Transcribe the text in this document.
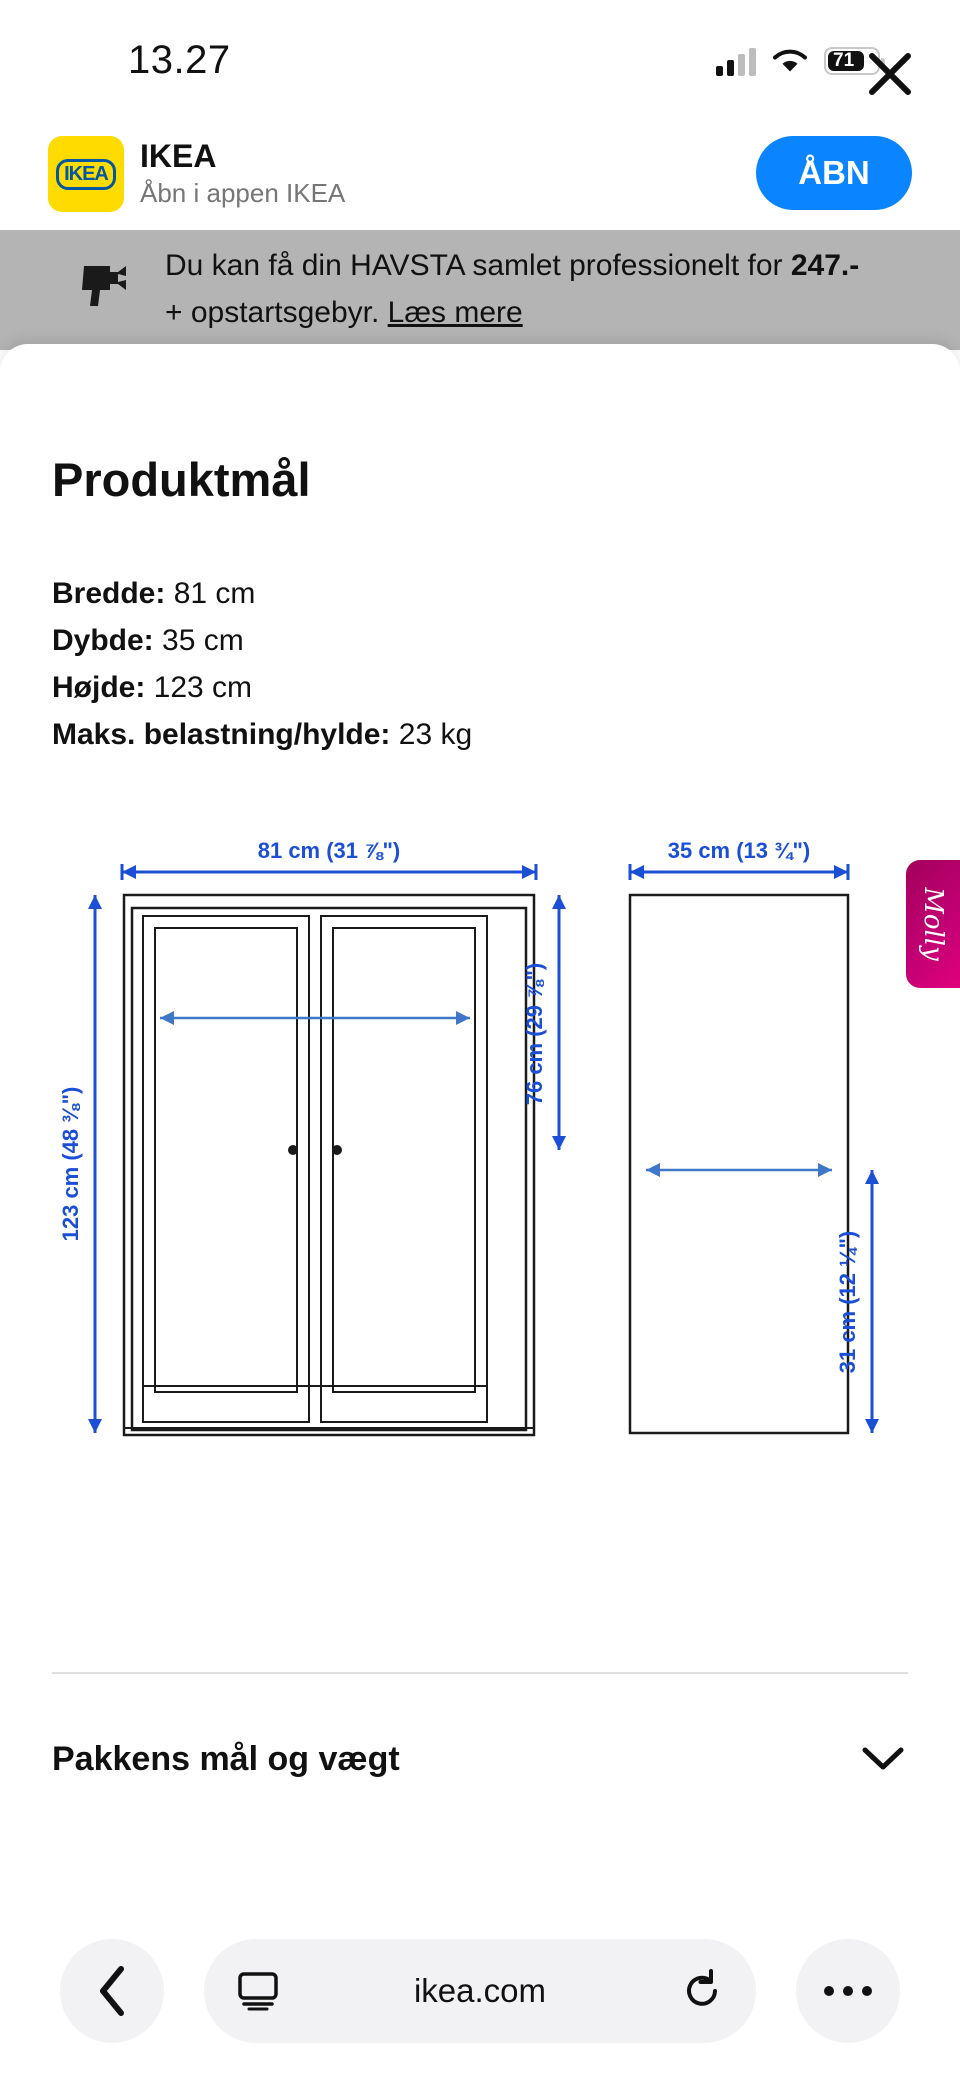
13.27	71
IKEA IKEA
Åbn i appen IKEA
ÅBN
Du kan få din HAVSTA samlet professionelt for 247.- + opstartsgebyr. Læs mere
Produktmål
Bredde: 81 cm
Dybde: 35 cm
Højde: 123 cm
Maks. belastning/hylde: 23 kg
81 cm (31 ⅞")
123 cm (48 ⅜")
76 cm (29 ⅞")
35 cm (13 ¾")
31 cm (12 ¼")
Molly
Pakkens mål og vægt
ikea.com
